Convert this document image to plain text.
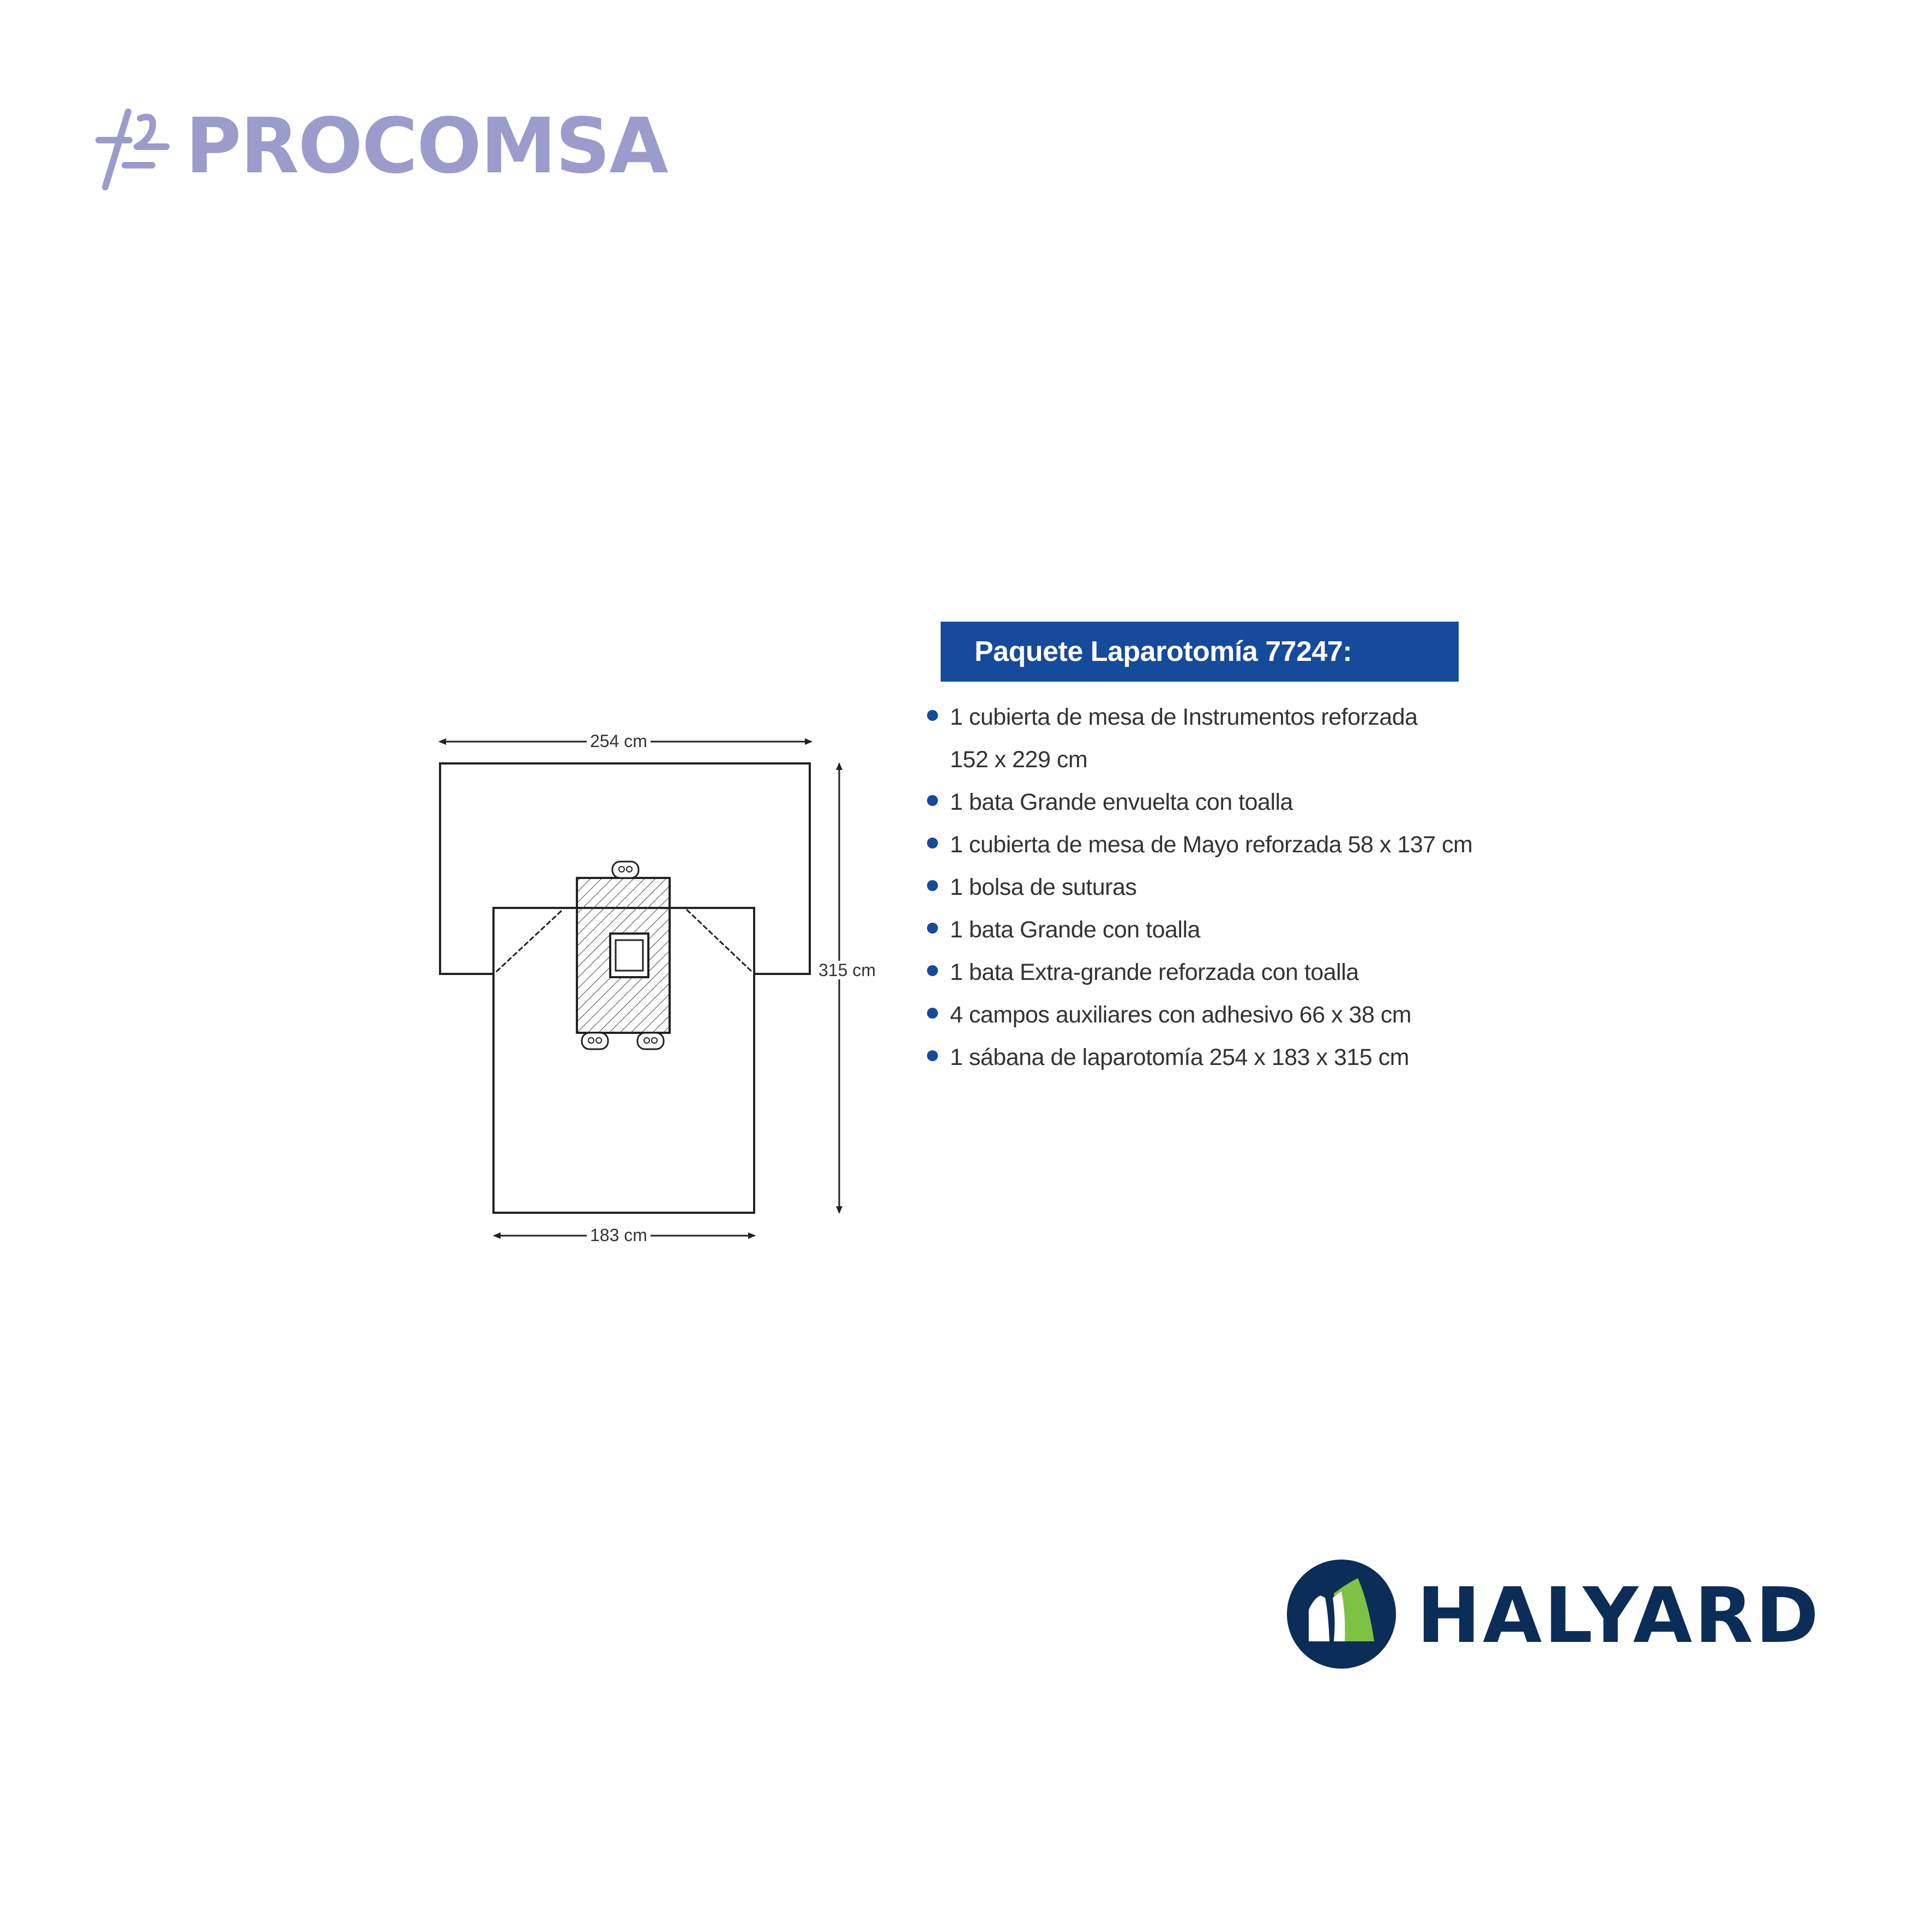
PROCOMSA
254 cm
315 cm
183 cm
Paquete Laparotomía 77247:
1 cubierta de mesa de Instrumentos reforzada
152 x 229 cm
1 bata Grande envuelta con toalla
1 cubierta de mesa de Mayo reforzada 58 x 137 cm
1 bolsa de suturas
1 bata Grande con toalla
1 bata Extra-grande reforzada con toalla
4 campos auxiliares con adhesivo 66 x 38 cm
1 sábana de laparotomía 254 x 183 x 315 cm
HALYARD
